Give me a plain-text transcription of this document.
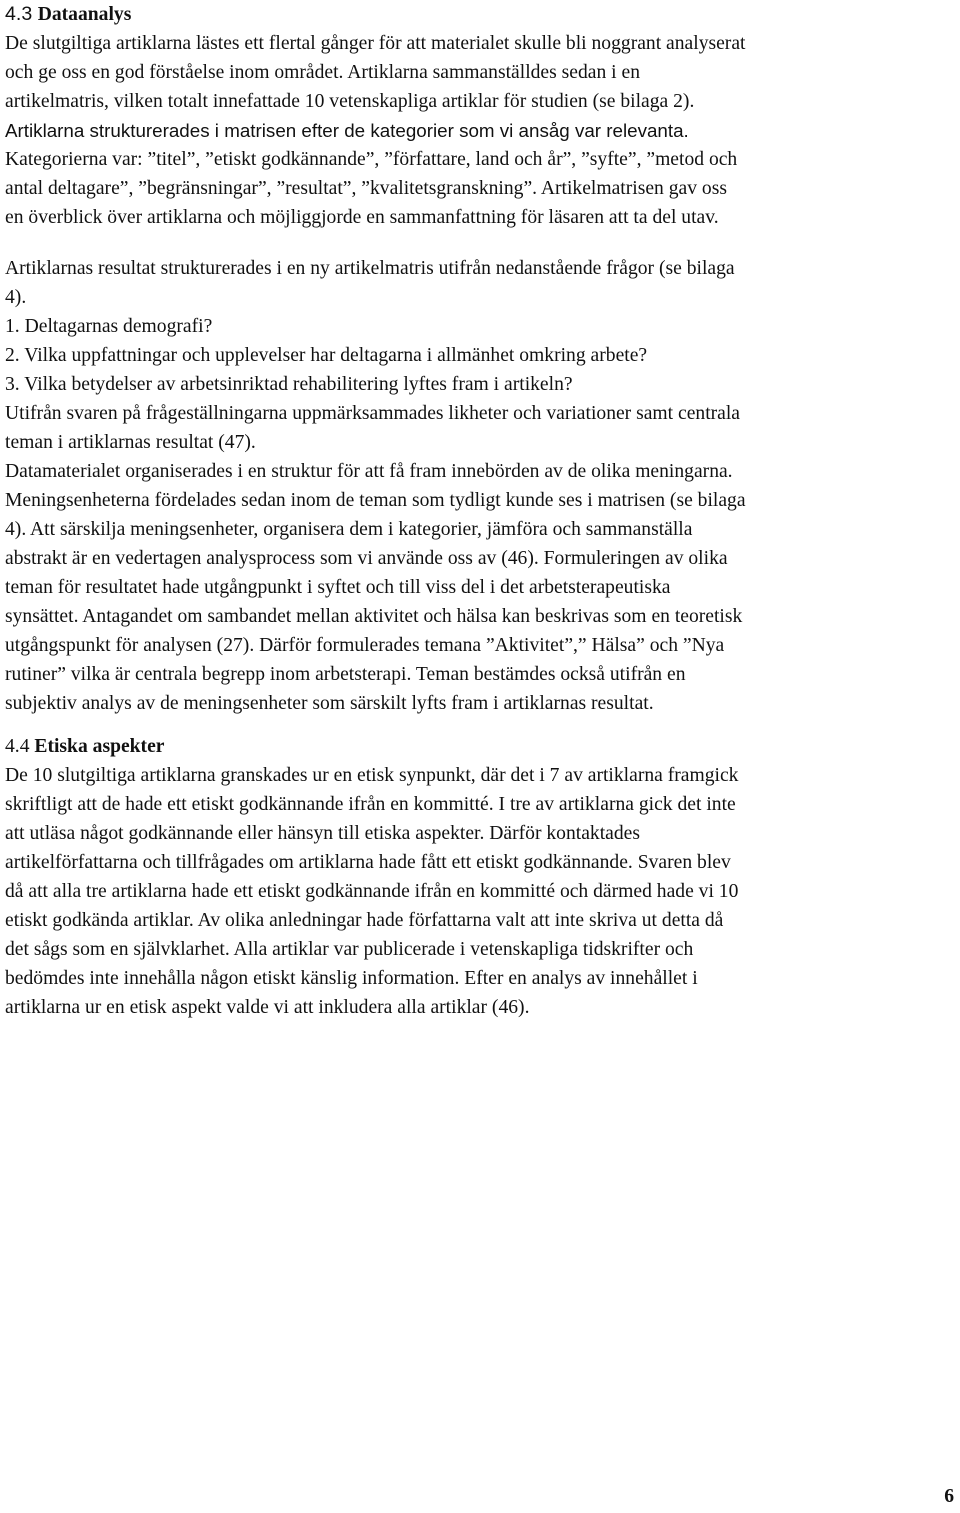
4.3 Dataanalys
De slutgiltiga artiklarna lästes ett flertal gånger för att materialet skulle bli noggrant analyserat
och ge oss en god förståelse inom området. Artiklarna sammanställdes sedan i en
artikelmatris, vilken totalt innefattade 10 vetenskapliga artiklar för studien (se bilaga 2).
Artiklarna strukturerades i matrisen efter de kategorier som vi ansåg var relevanta.
Kategorierna var: ”titel”, ”etiskt godkännande”, ”författare, land och år”, ”syfte”, ”metod och
antal deltagare”, ”begränsningar”, ”resultat”, ”kvalitetsgranskning”. Artikelmatrisen gav oss
en överblick över artiklarna och möjliggjorde en sammanfattning för läsaren att ta del utav.
Artiklarnas resultat strukturerades i en ny artikelmatris utifrån nedanstående frågor (se bilaga
4).
1. Deltagarnas demografi?
2. Vilka uppfattningar och upplevelser har deltagarna i allmänhet omkring arbete?
3. Vilka betydelser av arbetsinriktad rehabilitering lyftes fram i artikeln?
Utifrån svaren på frågeställningarna uppmärksammades likheter och variationer samt centrala
teman i artiklarnas resultat (47).
Datamaterialet organiserades i en struktur för att få fram innebörden av de olika meningarna.
Meningsenheterna fördelades sedan inom de teman som tydligt kunde ses i matrisen (se bilaga
4). Att särskilja meningsenheter, organisera dem i kategorier, jämföra och sammanställa
abstrakt är en vedertagen analysprocess som vi använde oss av (46). Formuleringen av olika
teman för resultatet hade utgångpunkt i syftet och till viss del i det arbetsterapeutiska
synsättet. Antagandet om sambandet mellan aktivitet och hälsa kan beskrivas som en teoretisk
utgångspunkt för analysen (27). Därför formulerades temana ”Aktivitet”,” Hälsa” och ”Nya
rutiner” vilka är centrala begrepp inom arbetsterapi. Teman bestämdes också utifrån en
subjektiv analys av de meningsenheter som särskilt lyfts fram i artiklarnas resultat.
4.4 Etiska aspekter
De 10 slutgiltiga artiklarna granskades ur en etisk synpunkt, där det i 7 av artiklarna framgick
skriftligt att de hade ett etiskt godkännande ifrån en kommitté. I tre av artiklarna gick det inte
att utläsa något godkännande eller hänsyn till etiska aspekter. Därför kontaktades
artikelförfattarna och tillfrågades om artiklarna hade fått ett etiskt godkännande. Svaren blev
då att alla tre artiklarna hade ett etiskt godkännande ifrån en kommitté och därmed hade vi 10
etiskt godkända artiklar. Av olika anledningar hade författarna valt att inte skriva ut detta då
det sågs som en självklarhet. Alla artiklar var publicerade i vetenskapliga tidskrifter och
bedömdes inte innehålla någon etiskt känslig information. Efter en analys av innehållet i
artiklarna ur en etisk aspekt valde vi att inkludera alla artiklar (46).
6
